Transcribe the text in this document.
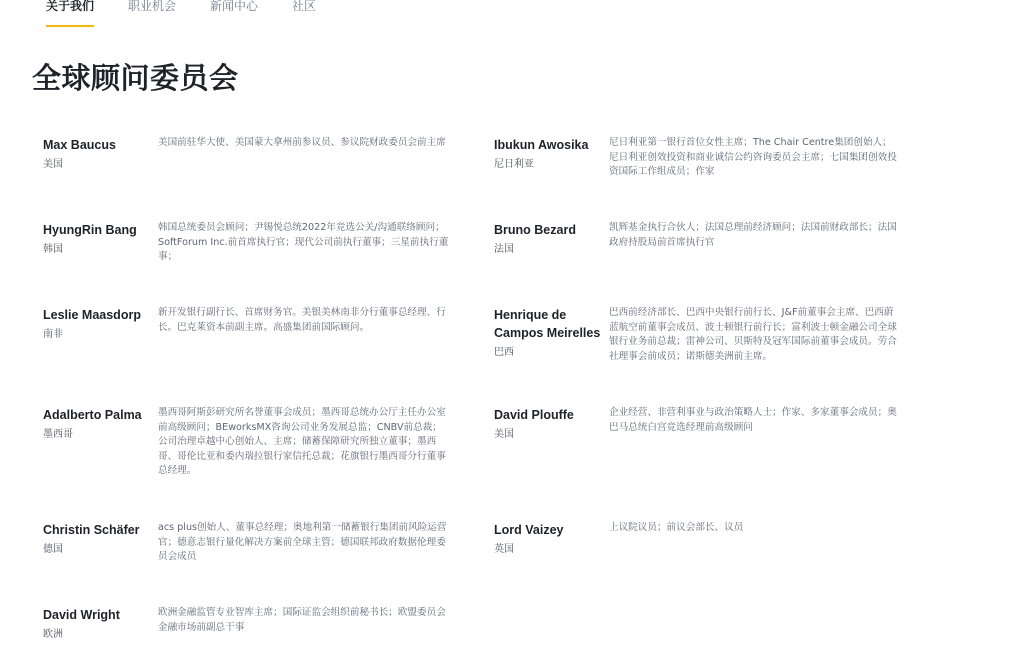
关于我们	职业机会	新闻中心	社区
全球顾问委员会
Max Baucus
美国
美国前驻华大使、美国蒙大拿州前参议员、参议院财政委员会前主席	Ibukun Awosika
尼日利亚
尼日利亚第一银行首位女性主席；The Chair Centre集团创始人；尼日利亚创效投资和商业诚信公约咨询委员会主席；七国集团创效投资国际工作组成员；作家
HyungRin Bang
韩国
韩国总统委员会顾问；尹锡悦总统2022年竞选公关/沟通联络顾问；SoftForum Inc.前首席执行官；现代公司前执行董事；三星前执行董事；
Bruno Bezard
法国
凯辉基金执行合伙人；法国总理前经济顾问；法国前财政部长；法国政府持股局前首席执行官
Leslie Maasdorp
南非
新开发银行副行长、首席财务官。美银美林南非分行董事总经理、行长。巴克莱资本前副主席。高盛集团前国际顾问。
Henrique de Campos Meirelles
巴西
巴西前经济部长、巴西中央银行前行长、J&F前董事会主席、巴西蔚蓝航空前董事会成员、波士顿银行前行长；富利波士顿金融公司全球银行业务前总裁；雷神公司、贝斯特及冠军国际前董事会成员。劳合社理事会前成员；诺斯德美洲前主席。
Adalberto Palma
墨西哥
墨西哥阿斯彭研究所名誉董事会成员；墨西哥总统办公厅主任办公室前高级顾问；BEworksMX咨询公司业务发展总监；CNBV前总裁；公司治理卓越中心创始人、主席；储蓄保障研究所独立董事；墨西哥、哥伦比亚和委内瑞拉银行家信托总裁；花旗银行墨西哥分行董事总经理。
David Plouffe
美国
企业经营、非营利事业与政治策略人士；作家、多家董事会成员；奥巴马总统白宫竞选经理前高级顾问
Christin Schäfer
德国
acs plus创始人、董事总经理；奥地利第一储蓄银行集团前风险运营官；德意志银行量化解决方案前全球主管；德国联邦政府数据伦理委员会成员
Lord Vaizey
英国
上议院议员；前议会部长、议员
David Wright
欧洲
欧洲金融监管专业智库主席；国际证监会组织前秘书长；欧盟委员会金融市场前副总干事
